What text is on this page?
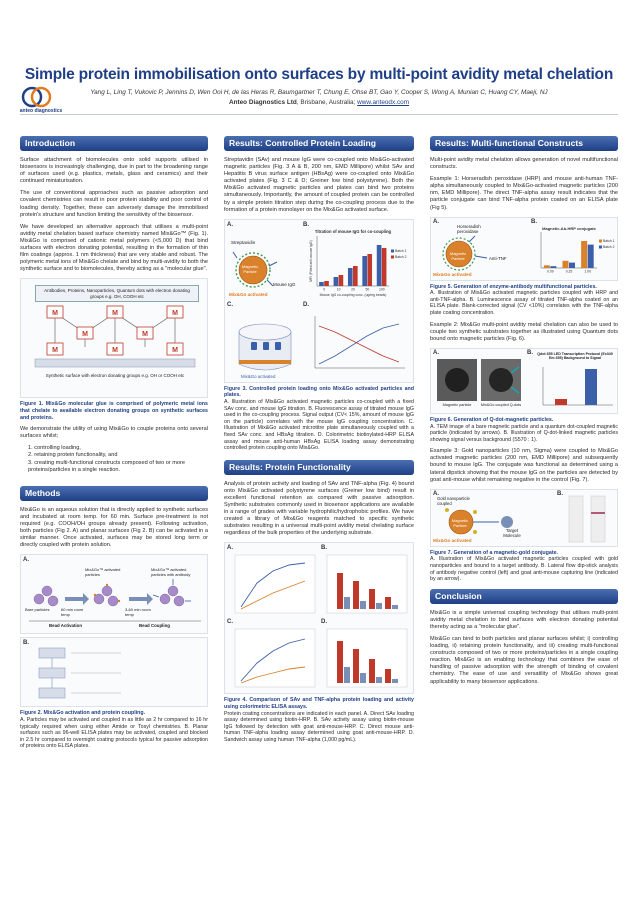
anteo diagnostics
Simple protein immobilisation onto surfaces by multi-point avidity metal chelation
Yang L, Ling T, Vukovic P, Jennins D, Wen Ooi H, de las Heras R, Baumgartner T, Chung E, Ohse BT, Gao Y, Cooper S, Wong A, Munian C, Huang CY, Maeji, NJ
Anteo Diagnostics Ltd, Brisbane, Australia; www.anteodx.com
Introduction

Surface attachment of biomolecules onto solid supports utilised in biosensors is increasingly challenging, due in part to the broadening range of surfaces used (e.g. plastics, metals, glass and ceramics) and their continued miniaturisation.

The use of conventional approaches such as passive adsorption and covalent chemistries can result in poor protein stability and poor control of loading density. Together, these can adversely damage the immobilised protein's structure and function limiting the sensitivity of the biosensor.

We have developed an alternative approach that utilises a multi-point avidity metal chelation based surface chemistry named Mix&Go™ (Fig. 1). Mix&Go is comprised of cationic metal polymers (<5,000 D) that bind surfaces with electron donating potential, resulting in the formation of thin film coatings (approx. 1 nm thickness) that are very stable and robust. The polymeric metal ions of Mix&Go chelate and bind by multi-avidity to both the synthetic surface and to biomolecules, thereby acting as a "molecular glue".

Antibodies, Proteins, Nanoparticles, Quantum dots with electron donating groups e.g. OH, COOH etc
M	M	M
M	M
M	M	M
Synthetic surface with electron donating groups e.g. OH or COOH etc
Figure 1. Mix&Go molecular glue is comprised of polymeric metal ions that chelate to available electron donating groups on synthetic surfaces and proteins.

We demonstrate the utility of using Mix&Go to couple proteins onto several surfaces whilst;

1. controlling loading,
2. retaining protein functionality, and
3. creating multi-functional constructs composed of two or more proteins/particles in a single reaction.
Methods

Mix&Go is an aqueous solution that is directly applied to synthetic surfaces and incubated at room temp. for 60 min. Surface pre-treatment is not required (e.g. COOH/OH groups already present). Following activation, both particles (Fig 2. A) and planar surfaces (Fig 2. B) can be activated in a similar manner. Once activated, surfaces may be stored long term or directly coupled with protein solution.

A.
Bare particles
Mix&Go™ activated particles
Mix&Go™ activated particles with antibody
60 min room temp
3-60 min room temp
Bead Activation	Bead Coupling
B.
Figure 2. Mix&Go activation and protein coupling.
A. Particles may be activated and coupled in as little as 2 hr compared to 16 hr typically required when using either Amide or Tosyl chemistries. B. Planar surfaces such as 96-well ELISA plates may be activated, coupled and blocked in 2.5 hr compared to overnight coating protocols typical for passive adsorption of proteins onto ELISA plates.
Results: Controlled Protein Loading

Streptavidin (SAv) and mouse IgG were co-coupled onto Mix&Go-activated magnetic particles (Fig. 3 A & B, 200 nm, EMD Millipore) whilst SAv and Hepatitis B virus surface antigen (HBsAg) were co-coupled onto Mix&Go activated plates (Fig. 3 C & D; Greiner low bind polystyrene). Both the Mix&Go activated magnetic particles and plates can bind two proteins simultaneously. Importantly, the amount of coupled protein can be controlled by a simple protein titration step during the co-coupling process due to the formation of a protein monolayer on the Mix&Go activated surface.

A.	B.
C.	D.
Streptavidin
Magnetic Particle
Mouse IgG
Mix&Go activated
Titration of mouse IgG for co-coupling
0	10	20	50	100
Batch 1
Batch 2
Mouse IgG co-coupling conc. (ug/mg beads)
MFI (Fitted anti-mouse IgG)
Mix&Go activated
Figure 3. Controlled protein loading onto Mix&Go activated particles and plates.
A. Illustration of Mix&Go activated magnetic particles co-coupled with a fixed SAv conc. and mouse IgG titration. B. Fluorescence assay of titrated mouse IgG used in the co-coupling process. Signal output (CV< 15%, amount of mouse IgG on the particle) correlates with the mouse IgG coupling concentration. C. Illustration of Mix&Go activated microtitre plate simultaneously coupled with a fixed SAv conc. and HBsAg titration. D. Colorimetric biotinylated-HRP ELISA assay and mouse anti-human HBsAg ELISA loading assay demonstrating controlled protein coupling onto Mix&Go.
Results: Protein Functionality

Analysis of protein activity and loading of SAv and TNF-alpha (Fig. 4) bound onto Mix&Go activated polystyrene surfaces (Greiner low bind) result in excellent functional retention as compared with passive adsorption. Synthetic substrates commonly used in biosensor applications are available in a range of grades with variable hydrophilic/hydrophobic profiles. We have created a library of Mix&Go reagents matched to specific synthetic substrates resulting in a universal multi-point avidity metal chelating surface regardless of the bulk properties of the underlying substrate.

A.	B.
C.	D.
Figure 4. Comparison of SAv and TNF-alpha protein loading and activity using colorimetric ELISA assays.
Protein coating concentrations are indicated in each panel. A. Direct SAv loading assay determined using biotin-HRP. B. SAv activity assay using biotin-mouse IgG followed by detection with goat anti-mouse-HRP. C. Direct mouse anti-human TNF-alpha loading assay determined using goat anti-mouse-HRP. D. Sandwich assay using human TNF-alpha (1,000 pg/mL).
Results: Multi-functional Constructs

Multi-point avidity metal chelation allows generation of novel multifunctional constructs.

Example 1: Horseradish peroxidase (HRP) and mouse anti-human TNF-alpha simultaneously coupled to Mix&Go-activated magnetic particles (200 nm, EMD Millipore). The direct TNF-alpha assay result indicates that the particle conjugate can bind TNF-alpha protein coated on an ELISA plate (Fig 5).

A.	B.
Horseradish peroxidase
Magnetic Particle	Anti-TNF
Mix&Go activated
Magnetic-Ab-HRP conjugate
0.09	0.25	1.00
Batch 1
Batch 2
Figure 5. Generation of enzyme-antibody multifunctional particles.
A. Illustration of Mix&Go activated magnetic particles coupled with HRP and anti-TNF-alpha. B. Luminescence assay of titrated TNF-alpha coated on an ELISA plate. Blank-corrected signal (CV <10%) correlates with the TNF-alpha plate coating concentration.

Example 2: Mix&Go multi-point avidity metal chelation can also be used to couple two synthetic substrates together as illustrated using Quantum dots bound onto magnetic particles (Fig. 6).

A.	B.
Magnetic particle	Mix&Go coupled Q-dots
Qdot 655 LED Transcription Protocol (Ex340 Em 655) Background to Signal
Figure 6. Generation of Q-dot-magnetic particles.
A. TEM image of a bare magnetic particle and a quantum dot-coupled magnetic particle (indicated by arrows). B. Illustration of Q-dot-linked magnetic particles showing signal versus background (S570 : 1).

Example 3: Gold nanoparticles (10 nm, Sigma) were coupled to Mix&Go activated magnetic particles (200 nm, EMD Millipore) and subsequently bound to mouse IgG. The conjugate was functional as determined using a lateral dipstick showing that the mouse IgG on the particles are detected by goat anti-mouse whilst remaining negative in the control (Fig. 7).

A.	B.
Gold nanoparticle coupled
Magnetic Particle
Target Molecule
Mix&Go activated
Figure 7. Generation of a magnetic-gold conjugate.
A. Illustration of Mix&Go activated magnetic particles coupled with gold nanoparticles and bound to a target antibody. B. Lateral flow dip-stick analysis of antibody negative control (left) and goat anti-mouse capturing line (indicated by an arrow).
Conclusion

Mix&Go is a simple universal coupling technology that utilises multi-point avidity metal chelation to bind surfaces with electron donating potential thereby acting as a "molecular glue".

Mix&Go can bind to both particles and planar surfaces whilst; i) controlling loading, ii) retaining protein functionality, and iii) creating multi-functional constructs composed of two or more proteins/particles in a single coupling reaction. Mix&Go is an enabling technology that combines the ease of handling of passive adsorption with the strength of binding of covalent chemistry. The ease of use and versatility of Mix&Go shows great applicability to many biosensor applications.
